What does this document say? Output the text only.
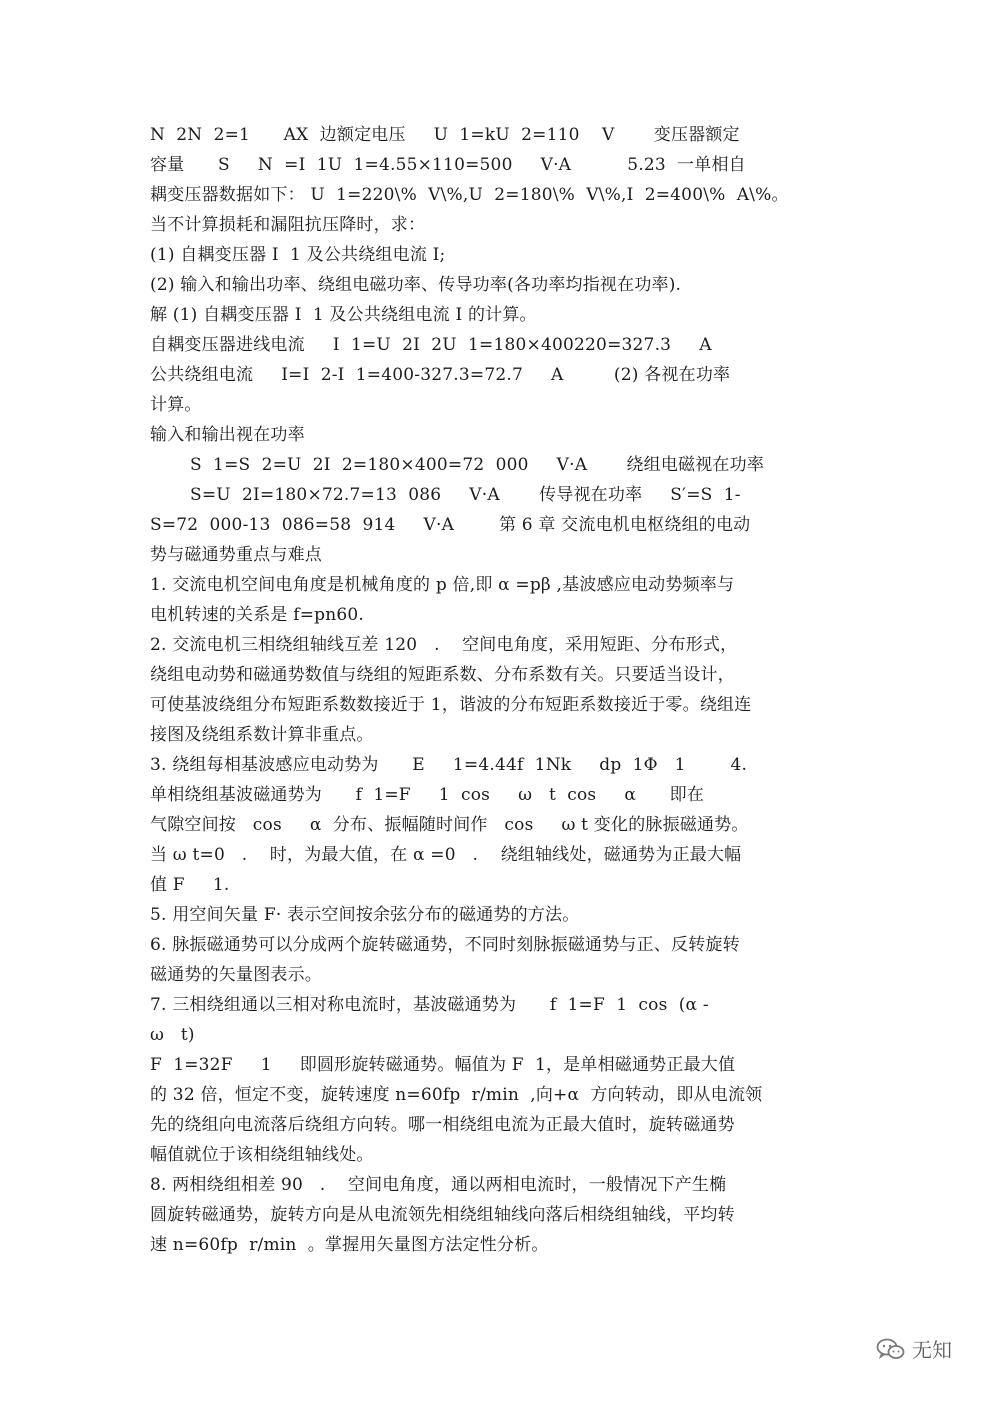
N  2N  2=1      AX  边额定电压     U  1=kU  2=110    V       变压器额定
容量      S     N  =I  1U  1=4.55×110=500     V·A          5.23  一单相自
耦变压器数据如下： U  1=220\%  V\%,U  2=180\%  V\%,I  2=400\%  A\%。
当不计算损耗和漏阻抗压降时，求：
(1) 自耦变压器 I  1 及公共绕组电流 I;
(2) 输入和输出功率、绕组电磁功率、传导功率(各功率均指视在功率).
解 (1) 自耦变压器 I  1 及公共绕组电流 I 的计算。
自耦变压器进线电流     I  1=U  2I  2U  1=180×400220=327.3     A
公共绕组电流     I=I  2-I  1=400-327.3=72.7     A         (2) 各视在功率
计算。
输入和输出视在功率
S  1=S  2=U  2I  2=180×400=72  000     V·A       绕组电磁视在功率
S=U  2I=180×72.7=13  086     V·A       传导视在功率     S′=S  1-
S=72  000-13  086=58  914     V·A        第 6 章 交流电机电枢绕组的电动
势与磁通势重点与难点
1. 交流电机空间电角度是机械角度的 p 倍,即 α =pβ ,基波感应电动势频率与
电机转速的关系是 f=pn60.
2. 交流电机三相绕组轴线互差 120   .    空间电角度，采用短距、分布形式，
绕组电动势和磁通势数值与绕组的短距系数、分布系数有关。只要适当设计，
可使基波绕组分布短距系数数接近于 1，谐波的分布短距系数接近于零。绕组连
接图及绕组系数计算非重点。
3. 绕组每相基波感应电动势为      E     1=4.44f  1Nk     dp  1Φ   1        4.
单相绕组基波磁通势为      f  1=F     1  cos     ω   t  cos     α      即在
气隙空间按   cos     α  分布、振幅随时间作   cos     ω t 变化的脉振磁通势。
当 ω t=0   .    时，为最大值，在 α =0   .    绕组轴线处，磁通势为正最大幅
值 F     1.
5. 用空间矢量 F· 表示空间按余弦分布的磁通势的方法。
6. 脉振磁通势可以分成两个旋转磁通势，不同时刻脉振磁通势与正、反转旋转
磁通势的矢量图表示。
7. 三相绕组通以三相对称电流时，基波磁通势为      f  1=F  1  cos  (α -
ω   t)
F  1=32F     1     即圆形旋转磁通势。幅值为 F  1，是单相磁通势正最大值
的 32 倍，恒定不变，旋转速度 n=60fp  r/min  ,向+α  方向转动，即从电流领
先的绕组向电流落后绕组方向转。哪一相绕组电流为正最大值时，旋转磁通势
幅值就位于该相绕组轴线处。
8. 两相绕组相差 90   .    空间电角度，通以两相电流时，一般情况下产生椭
圆旋转磁通势，旋转方向是从电流领先相绕组轴线向落后相绕组轴线，平均转
速 n=60fp  r/min  。掌握用矢量图方法定性分析。
无知
